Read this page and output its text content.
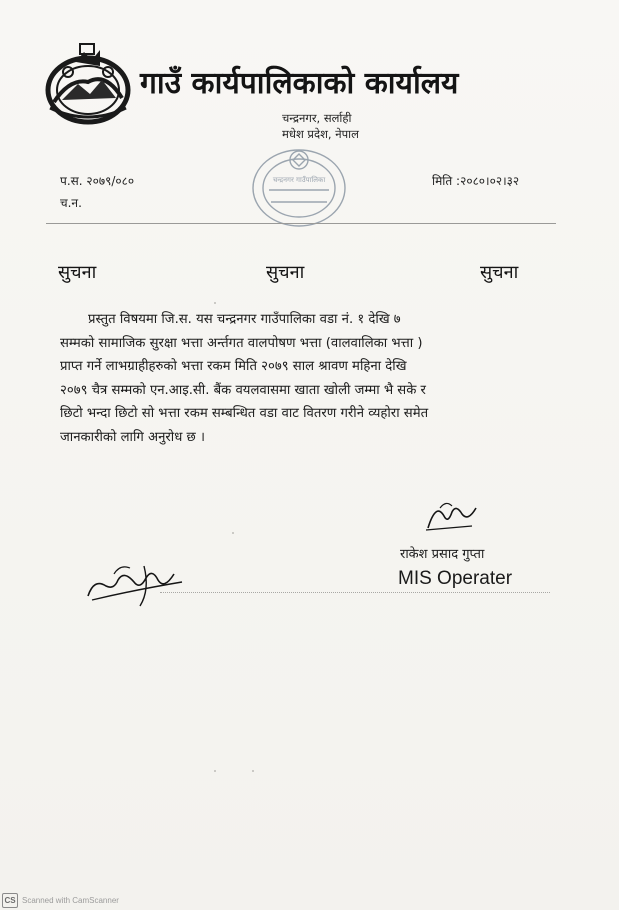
गाउँ कार्यपालिकाको कार्यालय
चन्द्रनगर, सर्लाही
मधेश प्रदेश, नेपाल
चन्द्रनगर गाउँपालिका
प.स. २०७९/०८०
च.न.
मिति :२०८०।०२।३२
सुचना	सुचना	सुचना
प्रस्तुत विषयमा जि.स. यस चन्द्रनगर गाउँपालिका वडा नं. १ देखि ७
सम्मको सामाजिक सुरक्षा भत्ता अर्न्तगत वालपोषण भत्ता (वालवालिका भत्ता )
प्राप्त गर्ने लाभग्राहीहरुको भत्ता रकम मिति २०७९ साल श्रावण महिना देखि
२०७९ चैत्र सम्मको एन.आइ.सी. बैंक वयलवासमा खाता खोली जम्मा भै सके र
छिटो भन्दा छिटो सो भत्ता रकम सम्बन्धित वडा वाट वितरण गरीने व्यहोरा समेत
जानकारीको लागि अनुरोध छ ।
राकेश प्रसाद गुप्ता
MIS Operater
CS Scanned with CamScanner
